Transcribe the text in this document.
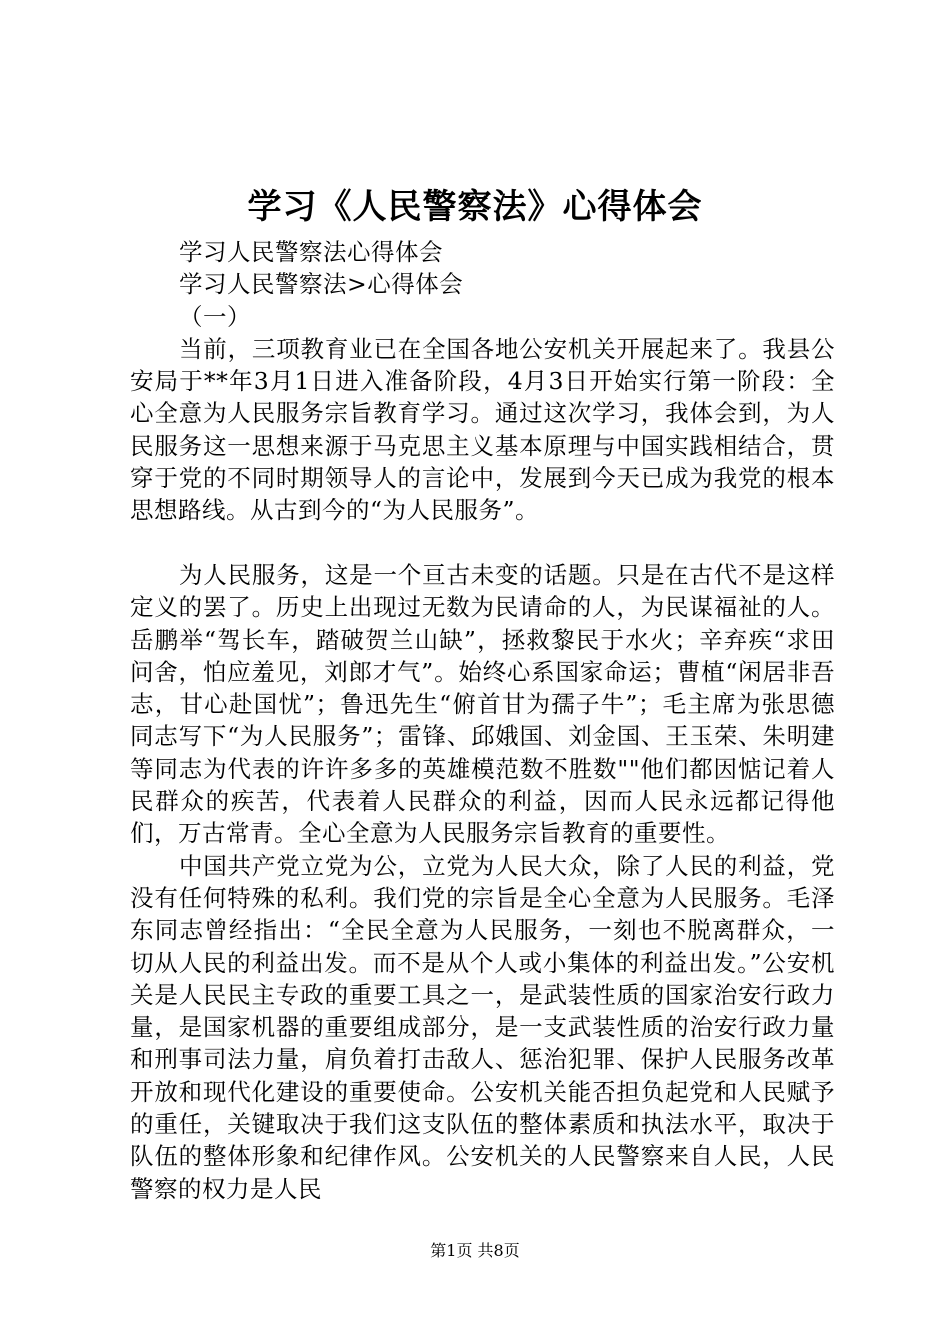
学习《人民警察法》心得体会
学习人民警察法心得体会
学习人民警察法>心得体会
（一）

当前，三项教育业已在全国各地公安机关开展起来了。我县公安局于**年3月1日进入准备阶段，4月3日开始实行第一阶段：全心全意为人民服务宗旨教育学习。通过这次学习，我体会到，为人民服务这一思想来源于马克思主义基本原理与中国实践相结合，贯穿于党的不同时期领导人的言论中，发展到今天已成为我党的根本思想路线。从古到今的“为人民服务”。

为人民服务，这是一个亘古未变的话题。只是在古代不是这样定义的罢了。历史上出现过无数为民请命的人，为民谋福祉的人。岳鹏举“驾长车，踏破贺兰山缺”，拯救黎民于水火；辛弃疾“求田问舍，怕应羞见，刘郎才气”。始终心系国家命运；曹植“闲居非吾志，甘心赴国忧”；鲁迅先生“俯首甘为孺子牛”；毛主席为张思德同志写下“为人民服务”；雷锋、邱娥国、刘金国、王玉荣、朱明建等同志为代表的许许多多的英雄模范数不胜数""他们都因惦记着人民群众的疾苦，代表着人民群众的利益，因而人民永远都记得他们，万古常青。全心全意为人民服务宗旨教育的重要性。

中国共产党立党为公，立党为人民大众，除了人民的利益，党没有任何特殊的私利。我们党的宗旨是全心全意为人民服务。毛泽东同志曾经指出：“全民全意为人民服务，一刻也不脱离群众，一切从人民的利益出发。而不是从个人或小集体的利益出发。”公安机关是人民民主专政的重要工具之一，是武装性质的国家治安行政力量，是国家机器的重要组成部分，是一支武装性质的治安行政力量和刑事司法力量，肩负着打击敌人、惩治犯罪、保护人民服务改革开放和现代化建设的重要使命。公安机关能否担负起党和人民赋予的重任，关键取决于我们这支队伍的整体素质和执法水平，取决于队伍的整体形象和纪律作风。公安机关的人民警察来自人民，人民警察的权力是人民

第1页 共8页
